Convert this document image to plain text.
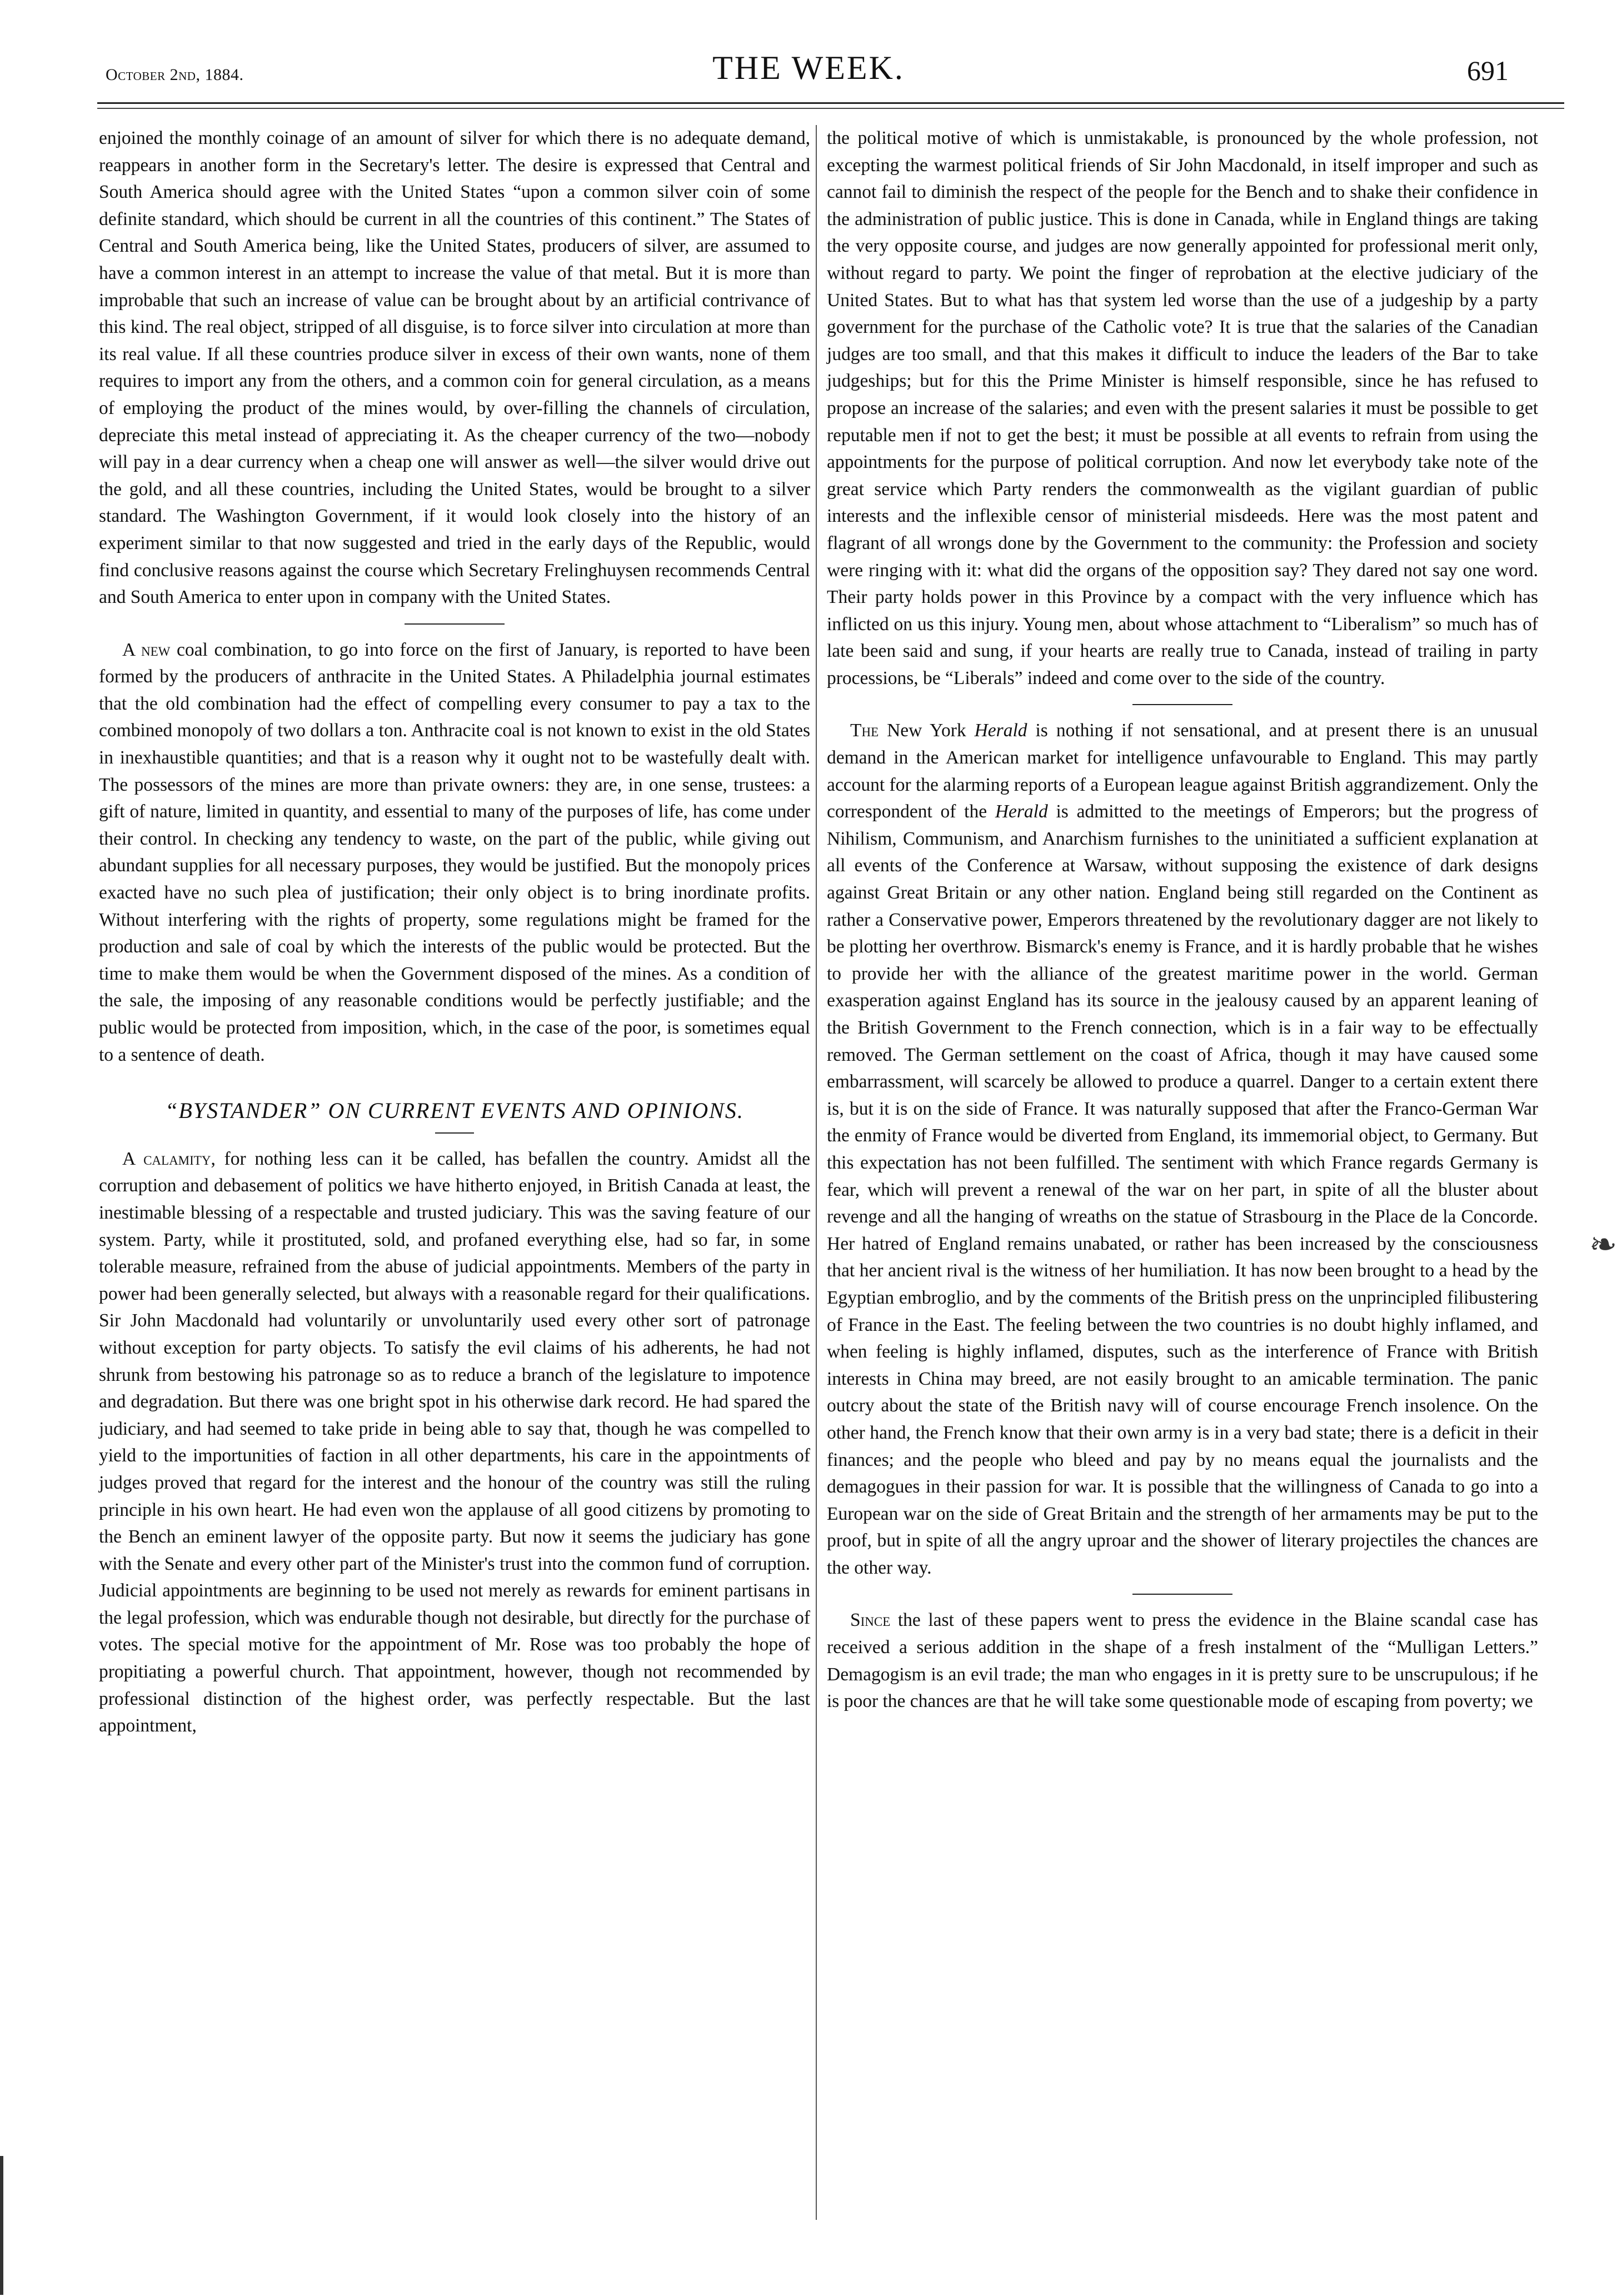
October 2nd, 1884.	THE WEEK.	691

enjoined the monthly coinage of an amount of silver for which there is no adequate demand, reappears in another form in the Secretary's letter. The desire is expressed that Central and South America should agree with the United States “upon a common silver coin of some definite standard, which should be current in all the countries of this continent.” The States of Central and South America being, like the United States, producers of silver, are assumed to have a common interest in an attempt to increase the value of that metal. But it is more than improbable that such an increase of value can be brought about by an artificial contrivance of this kind. The real object, stripped of all disguise, is to force silver into circulation at more than its real value. If all these countries produce silver in excess of their own wants, none of them requires to import any from the others, and a common coin for general circulation, as a means of employing the product of the mines would, by over-filling the channels of circulation, depreciate this metal instead of appreciating it. As the cheaper currency of the two—nobody will pay in a dear currency when a cheap one will answer as well—the silver would drive out the gold, and all these countries, including the United States, would be brought to a silver standard. The Washington Government, if it would look closely into the history of an experiment similar to that now suggested and tried in the early days of the Republic, would find conclusive reasons against the course which Secretary Frelinghuysen recommends Central and South America to enter upon in company with the United States.

A new coal combination, to go into force on the first of January, is reported to have been formed by the producers of anthracite in the United States. A Philadelphia journal estimates that the old combination had the effect of compelling every consumer to pay a tax to the combined monopoly of two dollars a ton. Anthracite coal is not known to exist in the old States in inexhaustible quantities; and that is a reason why it ought not to be wastefully dealt with. The possessors of the mines are more than private owners: they are, in one sense, trustees: a gift of nature, limited in quantity, and essential to many of the purposes of life, has come under their control. In checking any tendency to waste, on the part of the public, while giving out abundant supplies for all necessary purposes, they would be justified. But the monopoly prices exacted have no such plea of justification; their only object is to bring inordinate profits. Without interfering with the rights of property, some regulations might be framed for the production and sale of coal by which the interests of the public would be protected. But the time to make them would be when the Government disposed of the mines. As a condition of the sale, the imposing of any reasonable conditions would be perfectly justifiable; and the public would be protected from imposition, which, in the case of the poor, is sometimes equal to a sentence of death.

“BYSTANDER” ON CURRENT EVENTS AND OPINIONS.

A calamity, for nothing less can it be called, has befallen the country. Amidst all the corruption and debasement of politics we have hitherto enjoyed, in British Canada at least, the inestimable blessing of a respectable and trusted judiciary. This was the saving feature of our system. Party, while it prostituted, sold, and profaned everything else, had so far, in some tolerable measure, refrained from the abuse of judicial appointments. Members of the party in power had been generally selected, but always with a reasonable regard for their qualifications. Sir John Macdonald had voluntarily or unvoluntarily used every other sort of patronage without exception for party objects. To satisfy the evil claims of his adherents, he had not shrunk from bestowing his patronage so as to reduce a branch of the legislature to impotence and degradation. But there was one bright spot in his otherwise dark record. He had spared the judiciary, and had seemed to take pride in being able to say that, though he was compelled to yield to the importunities of faction in all other departments, his care in the appointments of judges proved that regard for the interest and the honour of the country was still the ruling principle in his own heart. He had even won the applause of all good citizens by promoting to the Bench an eminent lawyer of the opposite party. But now it seems the judiciary has gone with the Senate and every other part of the Minister's trust into the common fund of corruption. Judicial appointments are beginning to be used not merely as rewards for eminent partisans in the legal profession, which was endurable though not desirable, but directly for the purchase of votes. The special motive for the appointment of Mr. Rose was too probably the hope of propitiating a powerful church. That appointment, however, though not recommended by professional distinction of the highest order, was perfectly respectable. But the last appointment,

the political motive of which is unmistakable, is pronounced by the whole profession, not excepting the warmest political friends of Sir John Macdonald, in itself improper and such as cannot fail to diminish the respect of the people for the Bench and to shake their confidence in the administration of public justice. This is done in Canada, while in England things are taking the very opposite course, and judges are now generally appointed for professional merit only, without regard to party. We point the finger of reprobation at the elective judiciary of the United States. But to what has that system led worse than the use of a judgeship by a party government for the purchase of the Catholic vote? It is true that the salaries of the Canadian judges are too small, and that this makes it difficult to induce the leaders of the Bar to take judgeships; but for this the Prime Minister is himself responsible, since he has refused to propose an increase of the salaries; and even with the present salaries it must be possible to get reputable men if not to get the best; it must be possible at all events to refrain from using the appointments for the purpose of political corruption. And now let everybody take note of the great service which Party renders the commonwealth as the vigilant guardian of public interests and the inflexible censor of ministerial misdeeds. Here was the most patent and flagrant of all wrongs done by the Government to the community: the Profession and society were ringing with it: what did the organs of the opposition say? They dared not say one word. Their party holds power in this Province by a compact with the very influence which has inflicted on us this injury. Young men, about whose attachment to “Liberalism” so much has of late been said and sung, if your hearts are really true to Canada, instead of trailing in party processions, be “Liberals” indeed and come over to the side of the country.

The New York Herald is nothing if not sensational, and at present there is an unusual demand in the American market for intelligence unfavourable to England. This may partly account for the alarming reports of a European league against British aggrandizement. Only the correspondent of the Herald is admitted to the meetings of Emperors; but the progress of Nihilism, Communism, and Anarchism furnishes to the uninitiated a sufficient explanation at all events of the Conference at Warsaw, without supposing the existence of dark designs against Great Britain or any other nation. England being still regarded on the Continent as rather a Conservative power, Emperors threatened by the revolutionary dagger are not likely to be plotting her overthrow. Bismarck's enemy is France, and it is hardly probable that he wishes to provide her with the alliance of the greatest maritime power in the world. German exasperation against England has its source in the jealousy caused by an apparent leaning of the British Government to the French connection, which is in a fair way to be effectually removed. The German settlement on the coast of Africa, though it may have caused some embarrassment, will scarcely be allowed to produce a quarrel. Danger to a certain extent there is, but it is on the side of France. It was naturally supposed that after the Franco-German War the enmity of France would be diverted from England, its immemorial object, to Germany. But this expectation has not been fulfilled. The sentiment with which France regards Germany is fear, which will prevent a renewal of the war on her part, in spite of all the bluster about revenge and all the hanging of wreaths on the statue of Strasbourg in the Place de la Concorde. Her hatred of England remains unabated, or rather has been increased by the consciousness that her ancient rival is the witness of her humiliation. It has now been brought to a head by the Egyptian embroglio, and by the comments of the British press on the unprincipled filibustering of France in the East. The feeling between the two countries is no doubt highly inflamed, and when feeling is highly inflamed, disputes, such as the interference of France with British interests in China may breed, are not easily brought to an amicable termination. The panic outcry about the state of the British navy will of course encourage French insolence. On the other hand, the French know that their own army is in a very bad state; there is a deficit in their finances; and the people who bleed and pay by no means equal the journalists and the demagogues in their passion for war. It is possible that the willingness of Canada to go into a European war on the side of Great Britain and the strength of her armaments may be put to the proof, but in spite of all the angry uproar and the shower of literary projectiles the chances are the other way.

Since the last of these papers went to press the evidence in the Blaine scandal case has received a serious addition in the shape of a fresh instalment of the “Mulligan Letters.” Demagogism is an evil trade; the man who engages in it is pretty sure to be unscrupulous; if he is poor the chances are that he will take some questionable mode of escaping from poverty; we

❧
